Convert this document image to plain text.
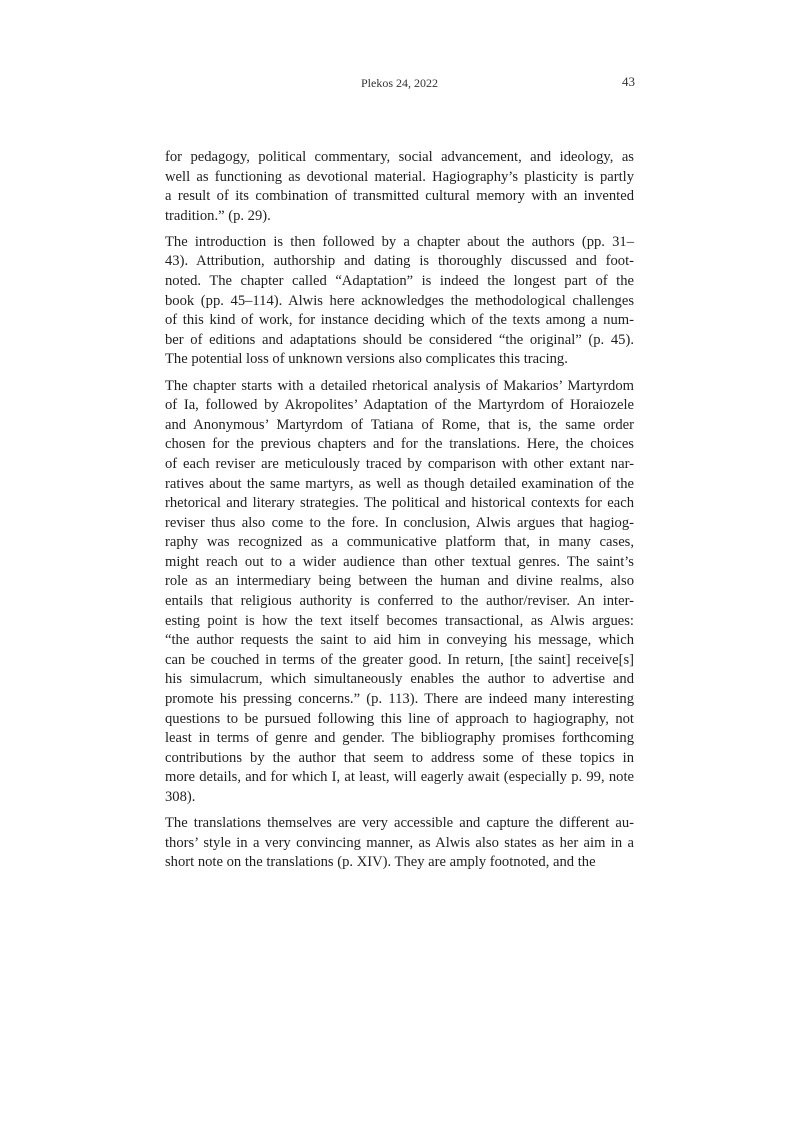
Plekos 24, 2022	43
for pedagogy, political commentary, social advancement, and ideology, as
well as functioning as devotional material. Hagiography’s plasticity is partly
a result of its combination of transmitted cultural memory with an invented
tradition.” (p. 29).
The introduction is then followed by a chapter about the authors (pp. 31–
43). Attribution, authorship and dating is thoroughly discussed and foot-
noted. The chapter called “Adaptation” is indeed the longest part of the
book (pp. 45–114). Alwis here acknowledges the methodological challenges
of this kind of work, for instance deciding which of the texts among a num-
ber of editions and adaptations should be considered “the original” (p. 45).
The potential loss of unknown versions also complicates this tracing.
The chapter starts with a detailed rhetorical analysis of Makarios’ Martyrdom
of Ia, followed by Akropolites’ Adaptation of the Martyrdom of Horaiozele
and Anonymous’ Martyrdom of Tatiana of Rome, that is, the same order
chosen for the previous chapters and for the translations. Here, the choices
of each reviser are meticulously traced by comparison with other extant nar-
ratives about the same martyrs, as well as though detailed examination of the
rhetorical and literary strategies. The political and historical contexts for each
reviser thus also come to the fore. In conclusion, Alwis argues that hagiog-
raphy was recognized as a communicative platform that, in many cases,
might reach out to a wider audience than other textual genres. The saint’s
role as an intermediary being between the human and divine realms, also
entails that religious authority is conferred to the author/reviser. An inter-
esting point is how the text itself becomes transactional, as Alwis argues:
“the author requests the saint to aid him in conveying his message, which
can be couched in terms of the greater good. In return, [the saint] receive[s]
his simulacrum, which simultaneously enables the author to advertise and
promote his pressing concerns.” (p. 113). There are indeed many interesting
questions to be pursued following this line of approach to hagiography, not
least in terms of genre and gender. The bibliography promises forthcoming
contributions by the author that seem to address some of these topics in
more details, and for which I, at least, will eagerly await (especially p. 99, note
308).
The translations themselves are very accessible and capture the different au-
thors’ style in a very convincing manner, as Alwis also states as her aim in a
short note on the translations (p. XIV). They are amply footnoted, and the
